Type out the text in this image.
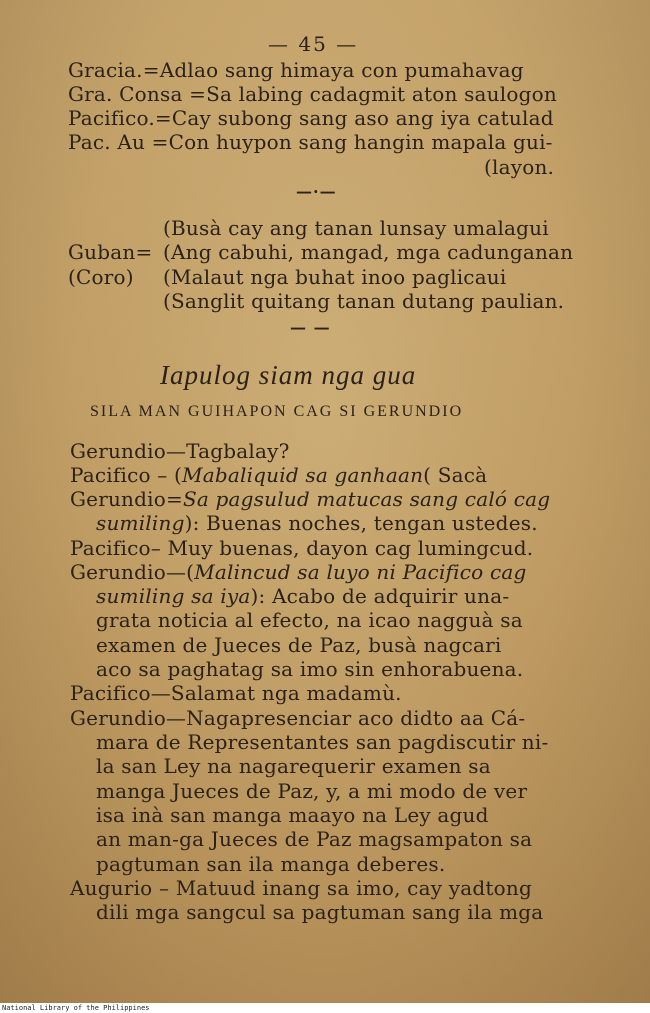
— 45 —
Gracia.=Adlao sang himaya con pumahavag
Gra. Consa =Sa labing cadagmit aton saulogon
Pacifico.=Cay subong sang aso ang iya catulad
Pac. Au =Con huypon sang hangin mapala gui-
(layon.
—·—
(Busà cay ang tanan lunsay umalagui
Guban= (Ang cabuhi, mangad, mga cadunganan
(Coro) (Malaut nga buhat inoo paglicaui
(Sanglit quitang tanan dutang paulian.
— —
Iapulog siam nga gua
SILA MAN GUIHAPON CAG SI GERUNDIO
Gerundio—Tagbalay?
Pacifico – (Mabaliquid sa ganhaan( Sacà
Gerundio=Sa pagsulud matucas sang caló cag
sumiling): Buenas noches, tengan ustedes.
Pacifico– Muy buenas, dayon cag lumingcud.
Gerundio—(Malincud sa luyo ni Pacifico cag
sumiling sa iya): Acabo de adquirir una-
grata noticia al efecto, na icao nagguà sa
examen de Jueces de Paz, busà nagcari
aco sa paghatag sa imo sin enhorabuena.
Pacifico—Salamat nga madamù.
Gerundio—Nagapresenciar aco didto aa Cá-
mara de Representantes san pagdiscutir ni-
la san Ley na nagarequerir examen sa
manga Jueces de Paz, y, a mi modo de ver
isa inà san manga maayo na Ley agud
an man-ga Jueces de Paz magsampaton sa
pagtuman san ila manga deberes.
Augurio – Matuud inang sa imo, cay yadtong
dili mga sangcul sa pagtuman sang ila mga
National Library of the Philippines
